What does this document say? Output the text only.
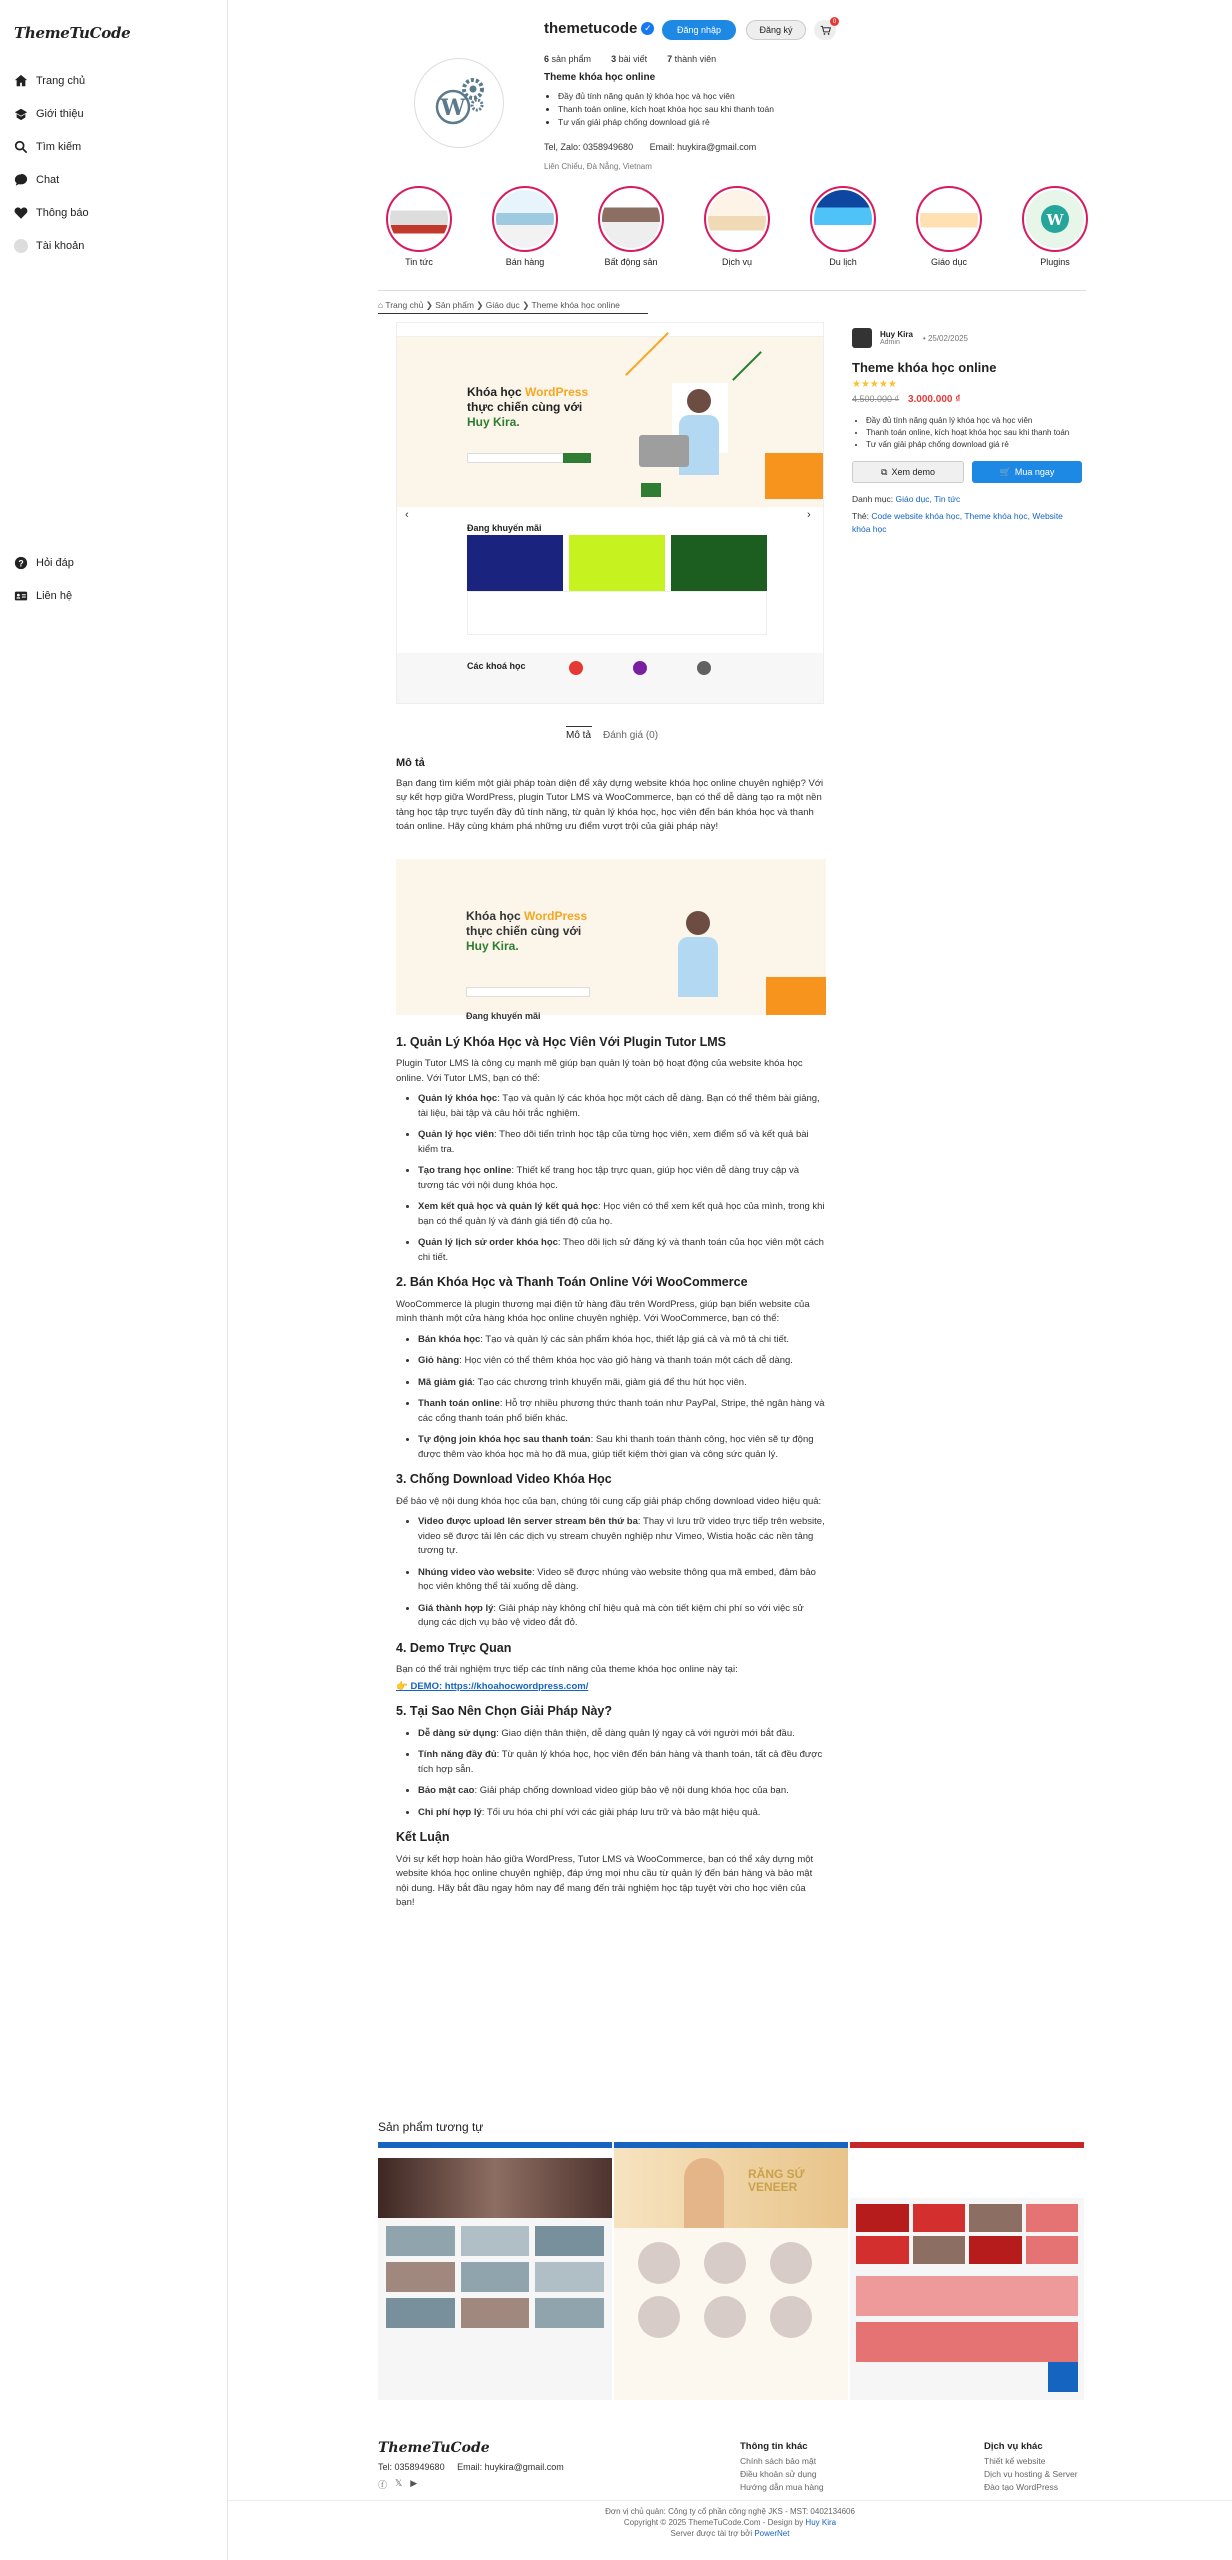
ThemeTuCode
Trang chủ
Giới thiệu
Tìm kiếm
Chat
Thông báo
Tài khoản
? Hỏi đáp
Liên hệ
W
themetucode ✓	Đăng nhập	Đăng ký
0
6 sản phẩm 3 bài viết 7 thành viên
Theme khóa học online
• Đầy đủ tính năng quản lý khóa học và học viên
• Thanh toán online, kích hoạt khóa học sau khi thanh toán
• Tư vấn giải pháp chống download giá rẻ
Tel, Zalo: 0358949680 Email: huykira@gmail.com
Liên Chiểu, Đà Nẵng, Vietnam
Tin tức	Bán hàng	Bất động sản	Dịch vụ	Du lịch	Giáo dục
W
Plugins
⌂ Trang chủ ❯ Sản phẩm ❯ Giáo dục ❯ Theme khóa học online
Khóa học WordPress
thực chiến cùng với
Huy Kira.
‹	›
Đang khuyến mãi
Các khoá học
Mô tả Đánh giá (0)
Huy Kira
Admin	• 25/02/2025
Theme khóa học online
★★★★★
4.500.000 ₫ 3.000.000 ₫
• Đầy đủ tính năng quản lý khóa học và học viên
• Thanh toán online, kích hoạt khóa học sau khi thanh toán
• Tư vấn giải pháp chống download giá rẻ
⧉ Xem demo	🛒 Mua ngay
Danh mục: Giáo dục, Tin tức
Thẻ: Code website khóa học, Theme khóa học, Website khóa học
Mô tả

Bạn đang tìm kiếm một giải pháp toàn diện để xây dựng website khóa học online chuyên nghiệp? Với sự kết hợp giữa WordPress, plugin Tutor LMS và WooCommerce, bạn có thể dễ dàng tạo ra một nền tảng học tập trực tuyến đầy đủ tính năng, từ quản lý khóa học, học viên đến bán khóa học và thanh toán online. Hãy cùng khám phá những ưu điểm vượt trội của giải pháp này!

Khóa học WordPress
thực chiến cùng với
Huy Kira.
Đang khuyến mãi
1. Quản Lý Khóa Học và Học Viên Với Plugin Tutor LMS

Plugin Tutor LMS là công cụ mạnh mẽ giúp bạn quản lý toàn bộ hoạt động của website khóa học online. Với Tutor LMS, bạn có thể:

• Quản lý khóa học: Tạo và quản lý các khóa học một cách dễ dàng. Bạn có thể thêm bài giảng, tài liệu, bài tập và câu hỏi trắc nghiệm.
• Quản lý học viên: Theo dõi tiến trình học tập của từng học viên, xem điểm số và kết quả bài kiểm tra.
• Tạo trang học online: Thiết kế trang học tập trực quan, giúp học viên dễ dàng truy cập và tương tác với nội dung khóa học.
• Xem kết quả học và quản lý kết quả học: Học viên có thể xem kết quả học của mình, trong khi bạn có thể quản lý và đánh giá tiến độ của họ.
• Quản lý lịch sử order khóa học: Theo dõi lịch sử đăng ký và thanh toán của học viên một cách chi tiết.
2. Bán Khóa Học và Thanh Toán Online Với WooCommerce

WooCommerce là plugin thương mại điện tử hàng đầu trên WordPress, giúp bạn biến website của mình thành một cửa hàng khóa học online chuyên nghiệp. Với WooCommerce, bạn có thể:

• Bán khóa học: Tạo và quản lý các sản phẩm khóa học, thiết lập giá cả và mô tả chi tiết.
• Giỏ hàng: Học viên có thể thêm khóa học vào giỏ hàng và thanh toán một cách dễ dàng.
• Mã giảm giá: Tạo các chương trình khuyến mãi, giảm giá để thu hút học viên.
• Thanh toán online: Hỗ trợ nhiều phương thức thanh toán như PayPal, Stripe, thẻ ngân hàng và các cổng thanh toán phổ biến khác.
• Tự động join khóa học sau thanh toán: Sau khi thanh toán thành công, học viên sẽ tự động được thêm vào khóa học mà họ đã mua, giúp tiết kiệm thời gian và công sức quản lý.
3. Chống Download Video Khóa Học

Để bảo vệ nội dung khóa học của bạn, chúng tôi cung cấp giải pháp chống download video hiệu quả:

• Video được upload lên server stream bên thứ ba: Thay vì lưu trữ video trực tiếp trên website, video sẽ được tải lên các dịch vụ stream chuyên nghiệp như Vimeo, Wistia hoặc các nền tảng tương tự.
• Nhúng video vào website: Video sẽ được nhúng vào website thông qua mã embed, đảm bảo học viên không thể tải xuống dễ dàng.
• Giá thành hợp lý: Giải pháp này không chỉ hiệu quả mà còn tiết kiệm chi phí so với việc sử dụng các dịch vụ bảo vệ video đắt đỏ.
4. Demo Trực Quan

Bạn có thể trải nghiệm trực tiếp các tính năng của theme khóa học online này tại:

👉 DEMO: https://khoahocwordpress.com/

5. Tại Sao Nên Chọn Giải Pháp Này?
• Dễ dàng sử dụng: Giao diện thân thiện, dễ dàng quản lý ngay cả với người mới bắt đầu.
• Tính năng đầy đủ: Từ quản lý khóa học, học viên đến bán hàng và thanh toán, tất cả đều được tích hợp sẵn.
• Bảo mật cao: Giải pháp chống download video giúp bảo vệ nội dung khóa học của bạn.
• Chi phí hợp lý: Tối ưu hóa chi phí với các giải pháp lưu trữ và bảo mật hiệu quả.
Kết Luận

Với sự kết hợp hoàn hảo giữa WordPress, Tutor LMS và WooCommerce, bạn có thể xây dựng một website khóa học online chuyên nghiệp, đáp ứng mọi nhu cầu từ quản lý đến bán hàng và bảo mật nội dung. Hãy bắt đầu ngay hôm nay để mang đến trải nghiệm học tập tuyệt vời cho học viên của bạn!

Sản phẩm tương tự
RĂNG SỨ VENEER
ThemeTuCode
Tel: 0358949680 Email: huykira@gmail.com
ⓕ 𝕏 ▶
Thông tin khác
Chính sách bảo mật
Điều khoản sử dụng
Hướng dẫn mua hàng
Dịch vụ khác
Thiết kế website
Dịch vụ hosting & Server
Đào tạo WordPress
Đơn vị chủ quản: Công ty cổ phần công nghệ JKS - MST: 0402134606
Copyright © 2025 ThemeTuCode.Com - Design by Huy Kira
Server được tài trợ bởi PowerNet
